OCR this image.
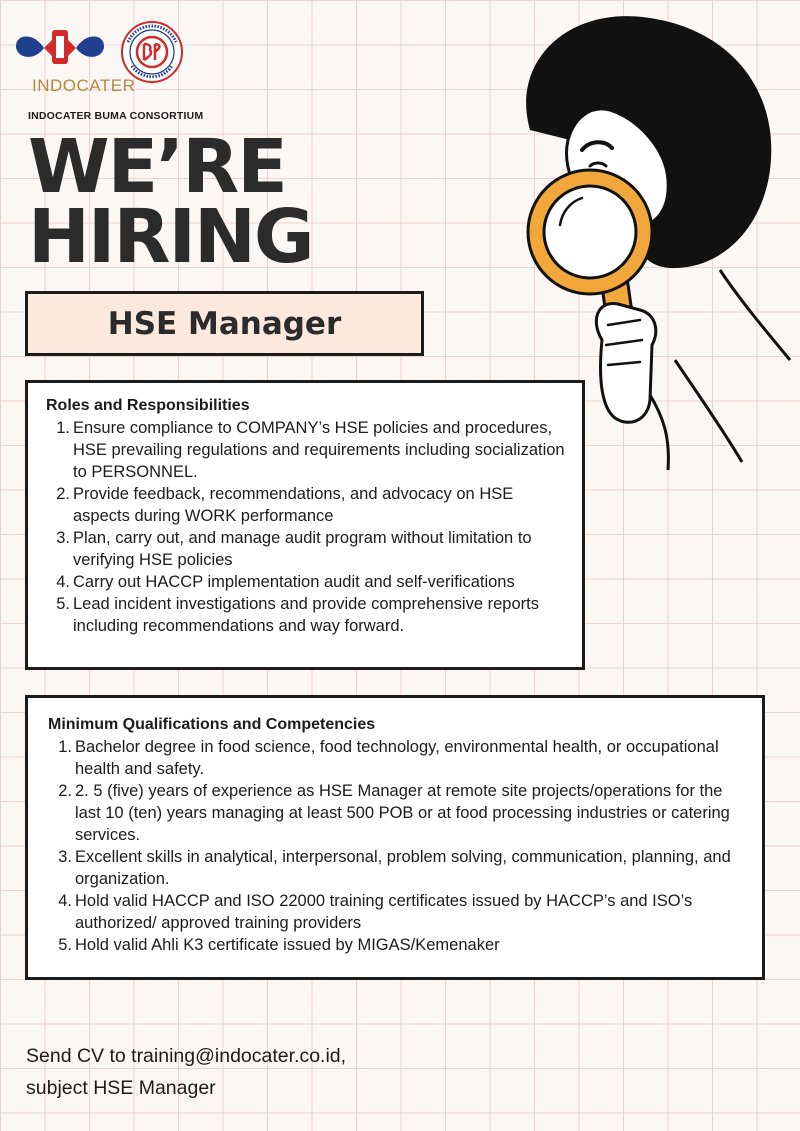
INDOCATER
INDOCATER BUMA CONSORTIUM
WE’RE
HIRING
HSE Manager
Roles and Responsibilities
1. Ensure compliance to COMPANY’s HSE policies and procedures, HSE prevailing regulations and requirements including socialization to PERSONNEL.
2. Provide feedback, recommendations, and advocacy on HSE aspects during WORK performance
3. Plan, carry out, and manage audit program without limitation to verifying HSE policies
4. Carry out HACCP implementation audit and self-verifications
5. Lead incident investigations and provide comprehensive reports including recommendations and way forward.
Minimum Qualifications and Competencies
1. Bachelor degree in food science, food technology, environmental health, or occupational health and safety.
2. 2. 5 (five) years of experience as HSE Manager at remote site projects/operations for the last 10 (ten) years managing at least 500 POB or at food processing industries or catering services.
3. Excellent skills in analytical, interpersonal, problem solving, communication, planning, and organization.
4. Hold valid HACCP and ISO 22000 training certificates issued by HACCP’s and ISO’s authorized/ approved training providers
5. Hold valid Ahli K3 certificate issued by MIGAS/Kemenaker
Send CV to training@indocater.co.id,
subject HSE Manager
